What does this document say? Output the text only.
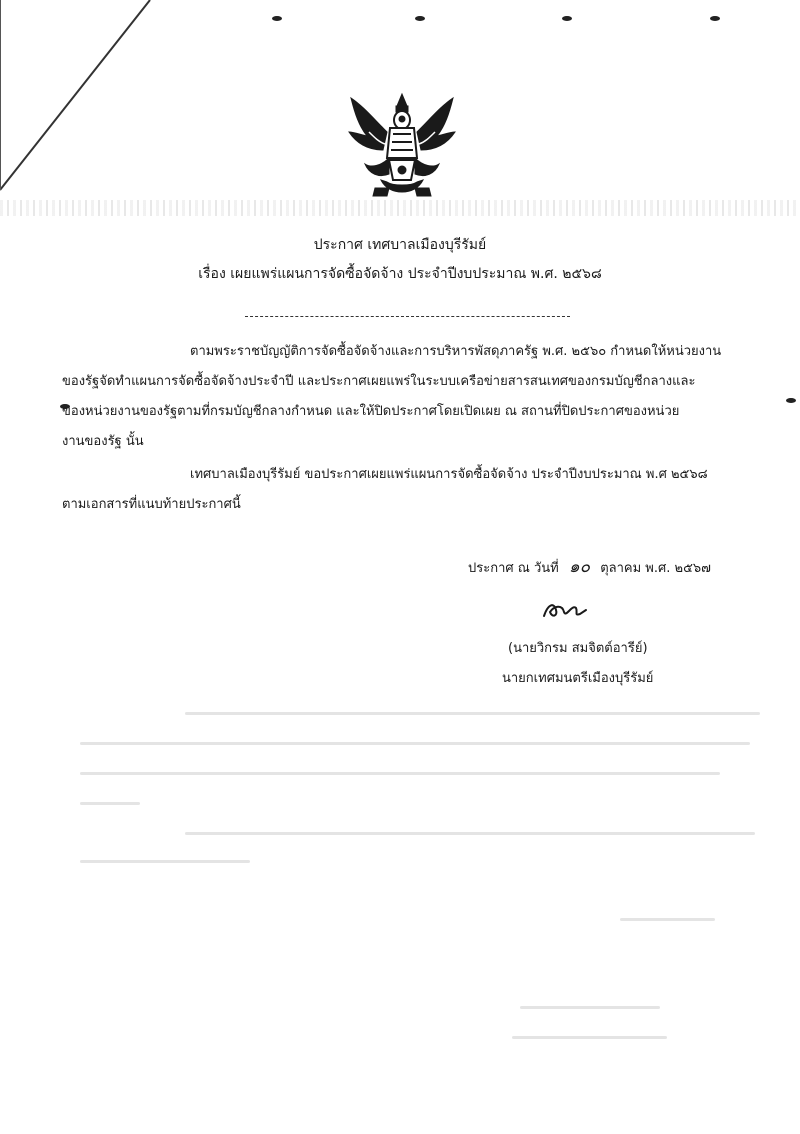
ประกาศ เทศบาลเมืองบุรีรัมย์
เรื่อง เผยแพร่แผนการจัดซื้อจัดจ้าง ประจำปีงบประมาณ พ.ศ. ๒๕๖๘
ตามพระราชบัญญัติการจัดซื้อจัดจ้างและการบริหารพัสดุภาครัฐ พ.ศ. ๒๕๖๐ กำหนดให้หน่วยงาน
ของรัฐจัดทำแผนการจัดซื้อจัดจ้างประจำปี และประกาศเผยแพร่ในระบบเครือข่ายสารสนเทศของกรมบัญชีกลางและ
ของหน่วยงานของรัฐตามที่กรมบัญชีกลางกำหนด และให้ปิดประกาศโดยเปิดเผย ณ สถานที่ปิดประกาศของหน่วย
งานของรัฐ นั้น
เทศบาลเมืองบุรีรัมย์ ขอประกาศเผยแพร่แผนการจัดซื้อจัดจ้าง ประจำปีงบประมาณ พ.ศ ๒๕๖๘
ตามเอกสารที่แนบท้ายประกาศนี้
ประกาศ ณ วันที่ ๑๐ ตุลาคม พ.ศ. ๒๕๖๗
(นายวิกรม สมจิตต์อารีย์)
นายกเทศมนตรีเมืองบุรีรัมย์
